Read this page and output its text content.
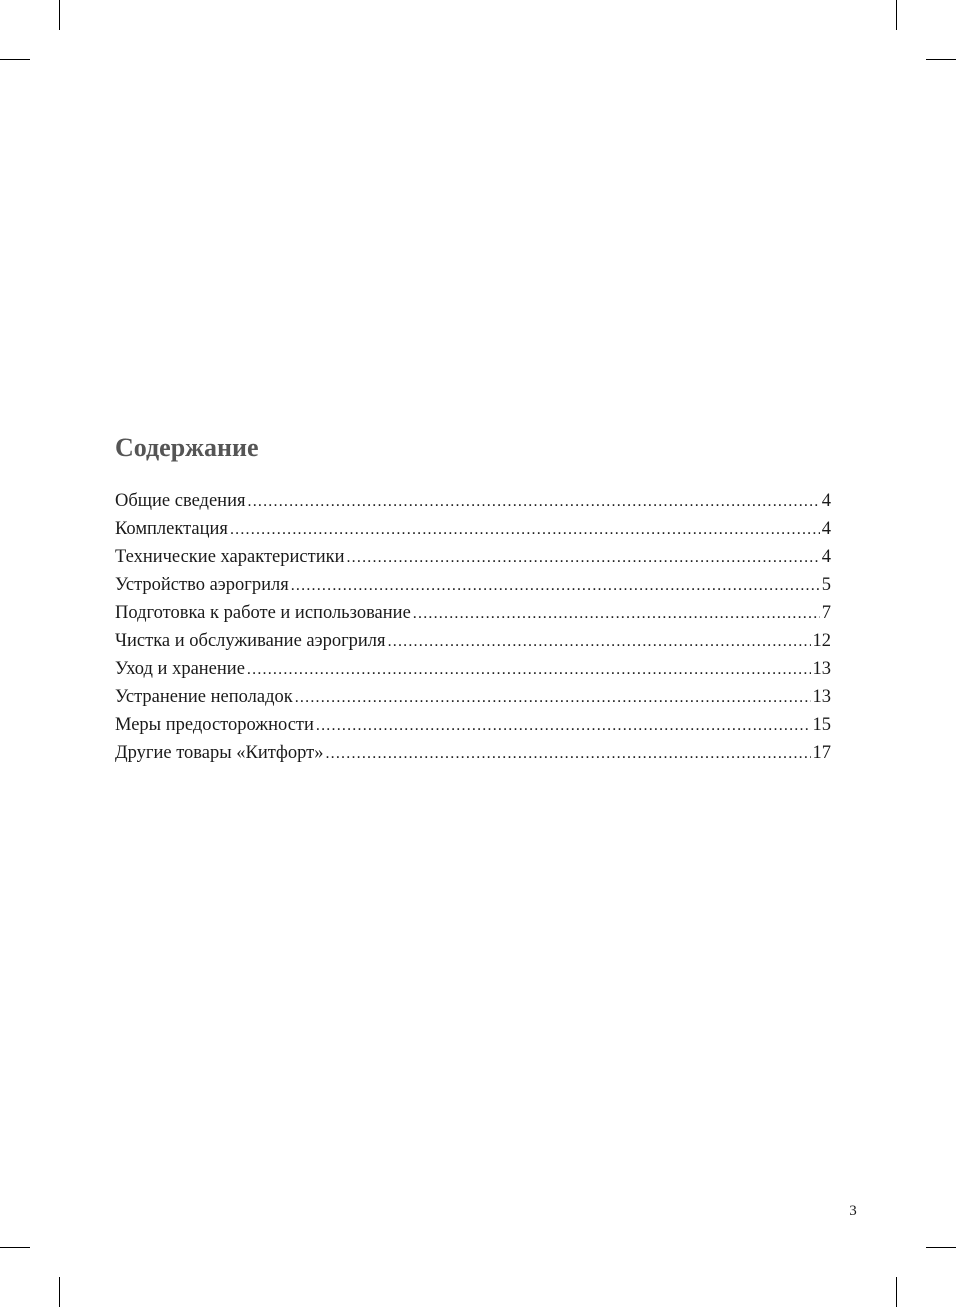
Содержание
Общие сведения .....	4
Комплектация .....	4
Технические характеристики .....	4
Устройство аэрогриля .....	5
Подготовка к работе и использование .....	7
Чистка и обслуживание аэрогриля .....	12
Уход и хранение .....	13
Устранение неполадок .....	13
Меры предосторожности .....	15
Другие товары «Китфорт» .....	17
3
